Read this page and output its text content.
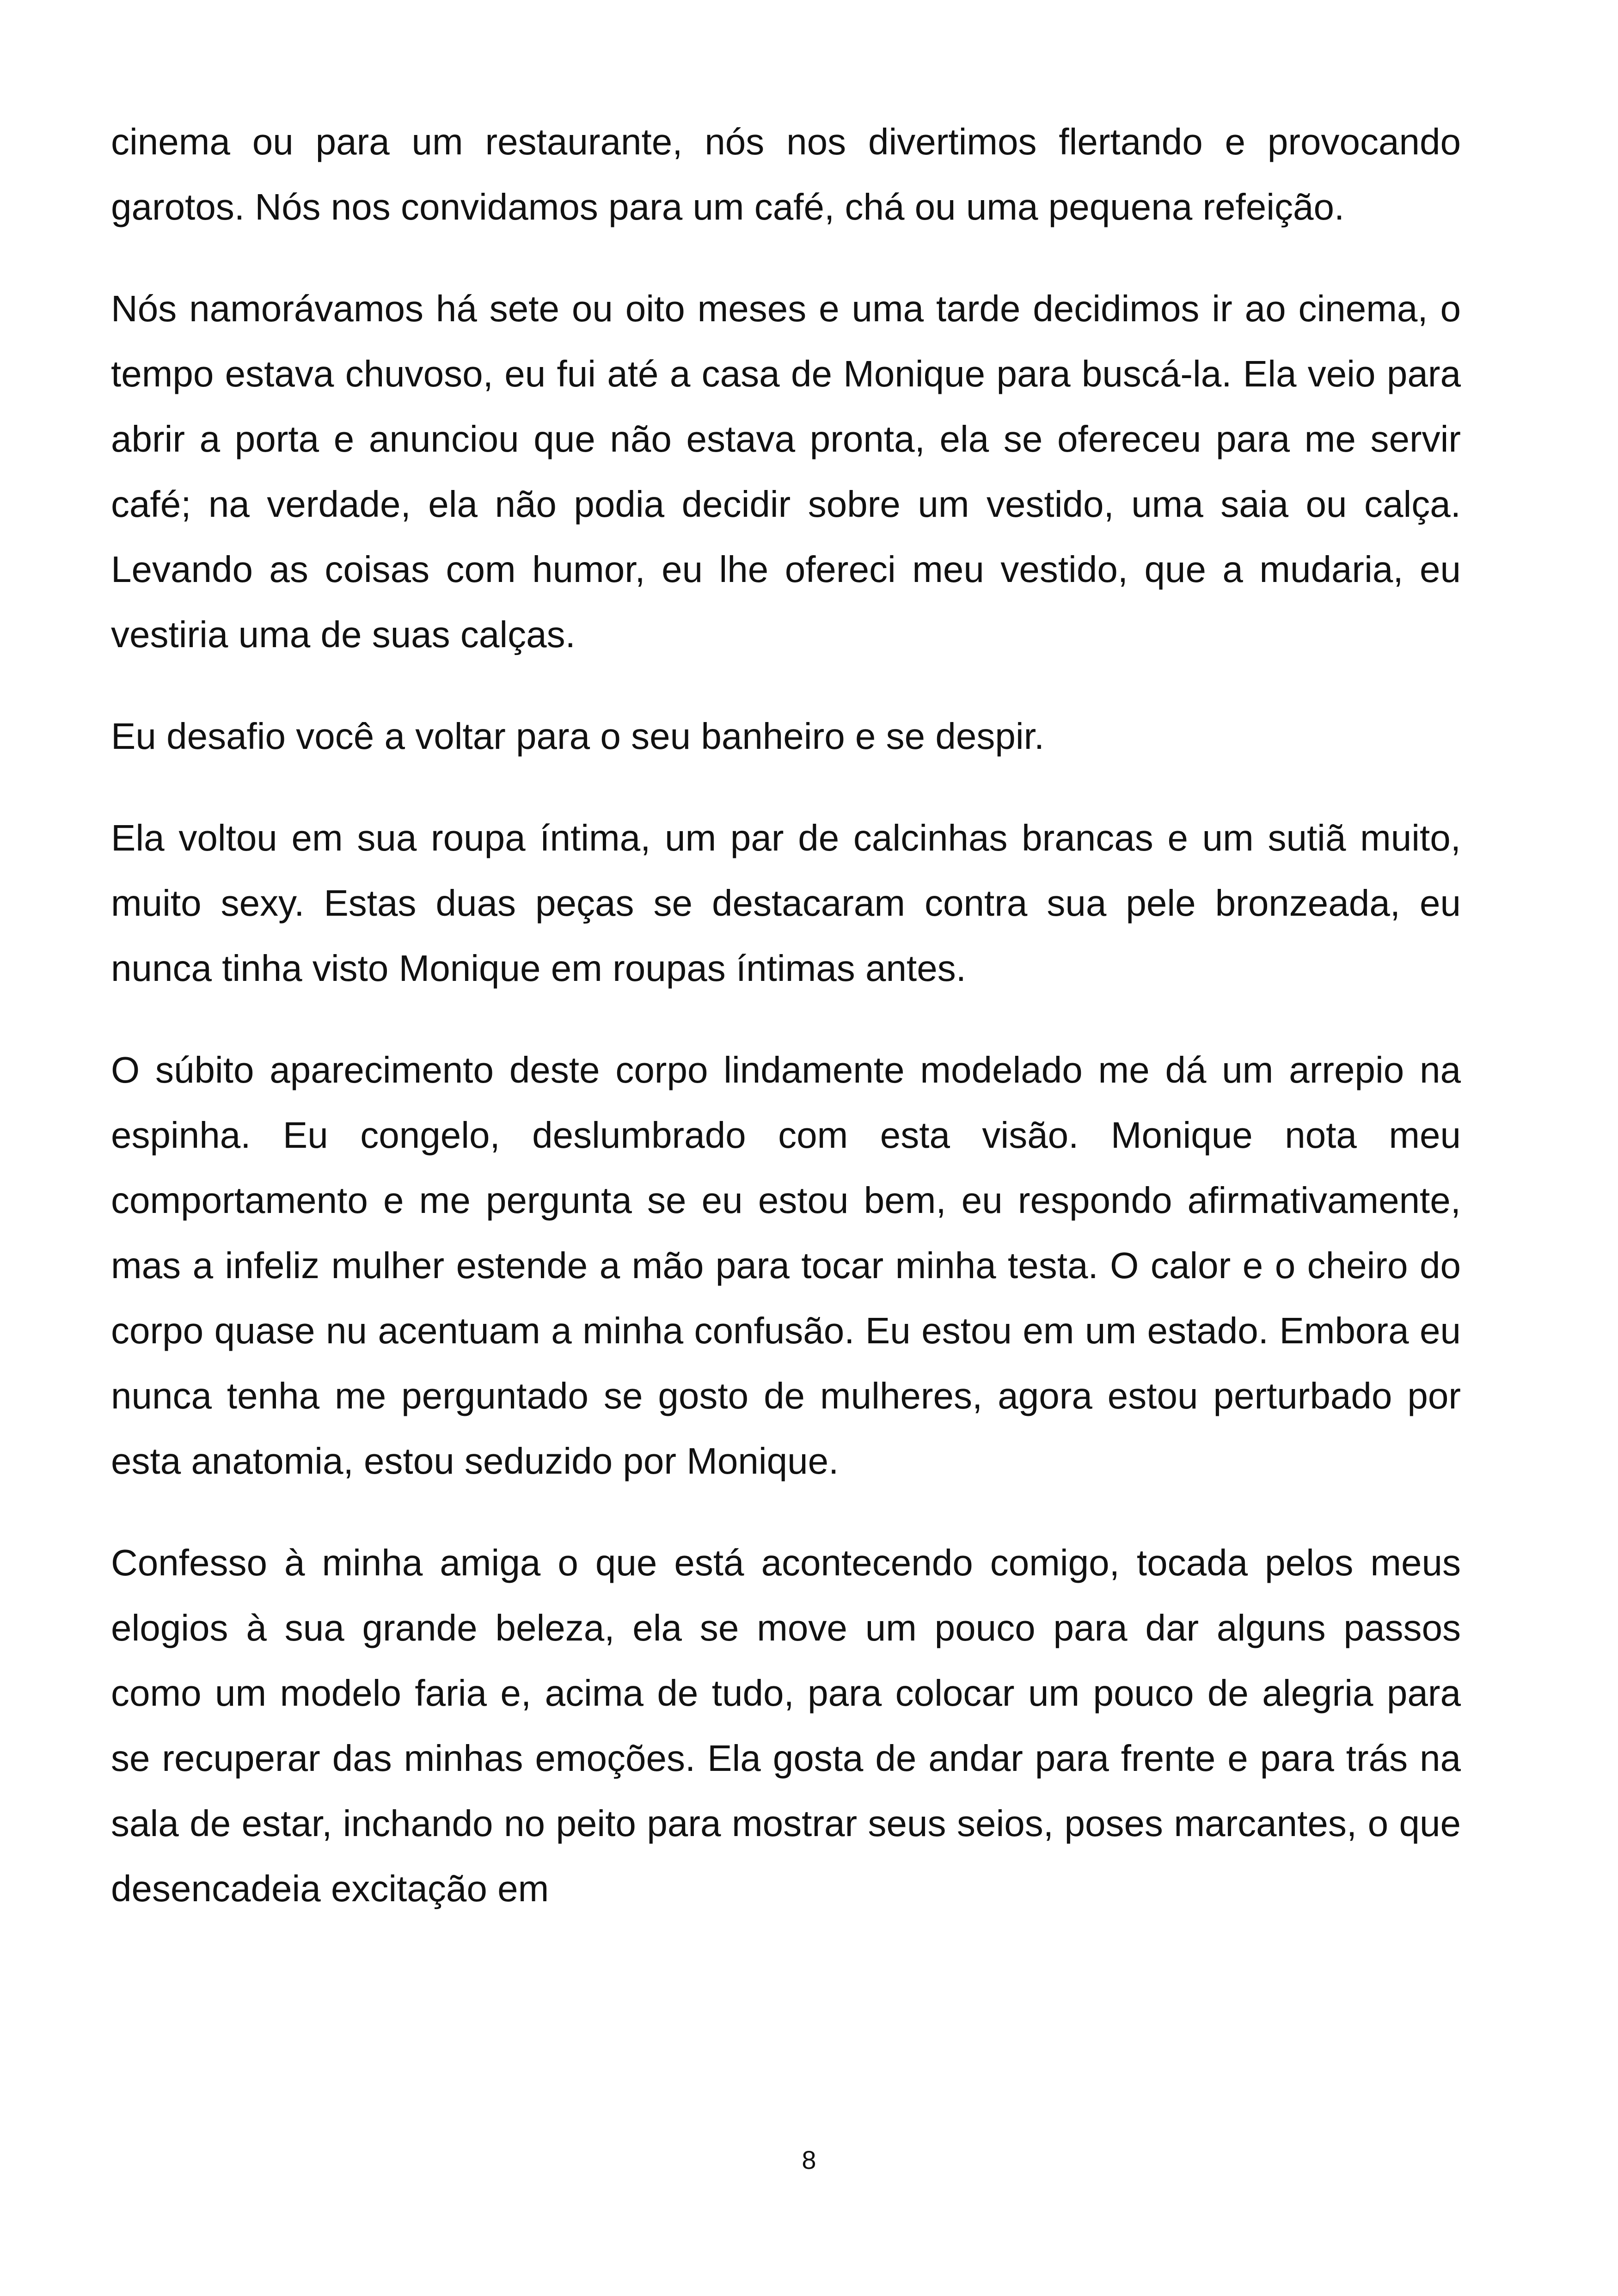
cinema ou para um restaurante, nós nos divertimos flertando e provocando garotos. Nós nos convidamos para um café, chá ou uma pequena refeição.

Nós namorávamos há sete ou oito meses e uma tarde decidimos ir ao cinema, o tempo estava chuvoso, eu fui até a casa de Monique para buscá-la. Ela veio para abrir a porta e anunciou que não estava pronta, ela se ofereceu para me servir café; na verdade, ela não podia decidir sobre um vestido, uma saia ou calça. Levando as coisas com humor, eu lhe ofereci meu vestido, que a mudaria, eu vestiria uma de suas calças.

Eu desafio você a voltar para o seu banheiro e se despir.

Ela voltou em sua roupa íntima, um par de calcinhas brancas e um sutiã muito, muito sexy. Estas duas peças se destacaram contra sua pele bronzeada, eu nunca tinha visto Monique em roupas íntimas antes.

O súbito aparecimento deste corpo lindamente modelado me dá um arrepio na espinha. Eu congelo, deslumbrado com esta visão. Monique nota meu comportamento e me pergunta se eu estou bem, eu respondo afirmativamente, mas a infeliz mulher estende a mão para tocar minha testa. O calor e o cheiro do corpo quase nu acentuam a minha confusão. Eu estou em um estado. Embora eu nunca tenha me perguntado se gosto de mulheres, agora estou perturbado por esta anatomia, estou seduzido por Monique.

Confesso à minha amiga o que está acontecendo comigo, tocada pelos meus elogios à sua grande beleza, ela se move um pouco para dar alguns passos como um modelo faria e, acima de tudo, para colocar um pouco de alegria para se recuperar das minhas emoções. Ela gosta de andar para frente e para trás na sala de estar, inchando no peito para mostrar seus seios, poses marcantes, o que desencadeia excitação em

8
